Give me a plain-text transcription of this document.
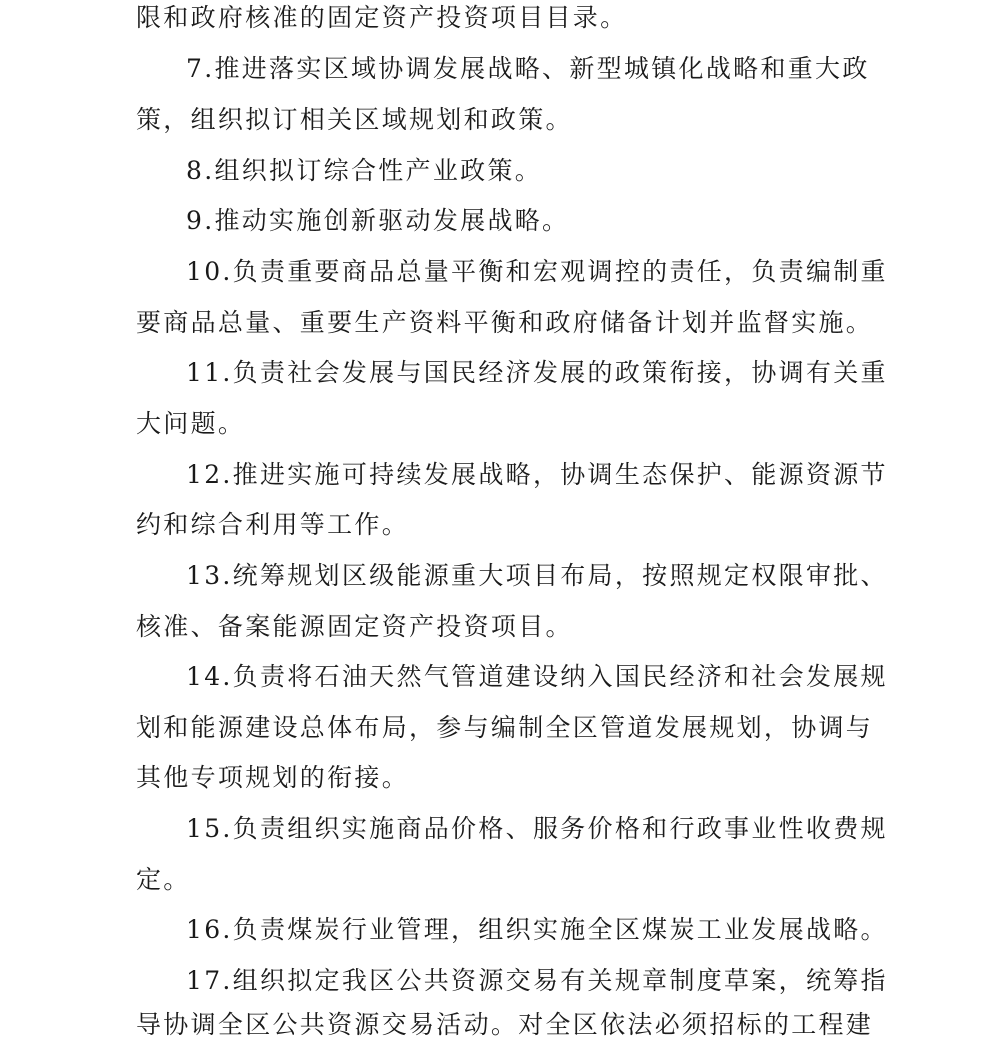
限和政府核准的固定资产投资项目目录。
7.推进落实区域协调发展战略、新型城镇化战略和重大政
策，组织拟订相关区域规划和政策。
8.组织拟订综合性产业政策。
9.推动实施创新驱动发展战略。
10.负责重要商品总量平衡和宏观调控的责任，负责编制重
要商品总量、重要生产资料平衡和政府储备计划并监督实施。
11.负责社会发展与国民经济发展的政策衔接，协调有关重
大问题。
12.推进实施可持续发展战略，协调生态保护、能源资源节
约和综合利用等工作。
13.统筹规划区级能源重大项目布局，按照规定权限审批、
核准、备案能源固定资产投资项目。
14.负责将石油天然气管道建设纳入国民经济和社会发展规
划和能源建设总体布局，参与编制全区管道发展规划，协调与
其他专项规划的衔接。
15.负责组织实施商品价格、服务价格和行政事业性收费规
定。
16.负责煤炭行业管理，组织实施全区煤炭工业发展战略。
17.组织拟定我区公共资源交易有关规章制度草案，统筹指
导协调全区公共资源交易活动。对全区依法必须招标的工程建
